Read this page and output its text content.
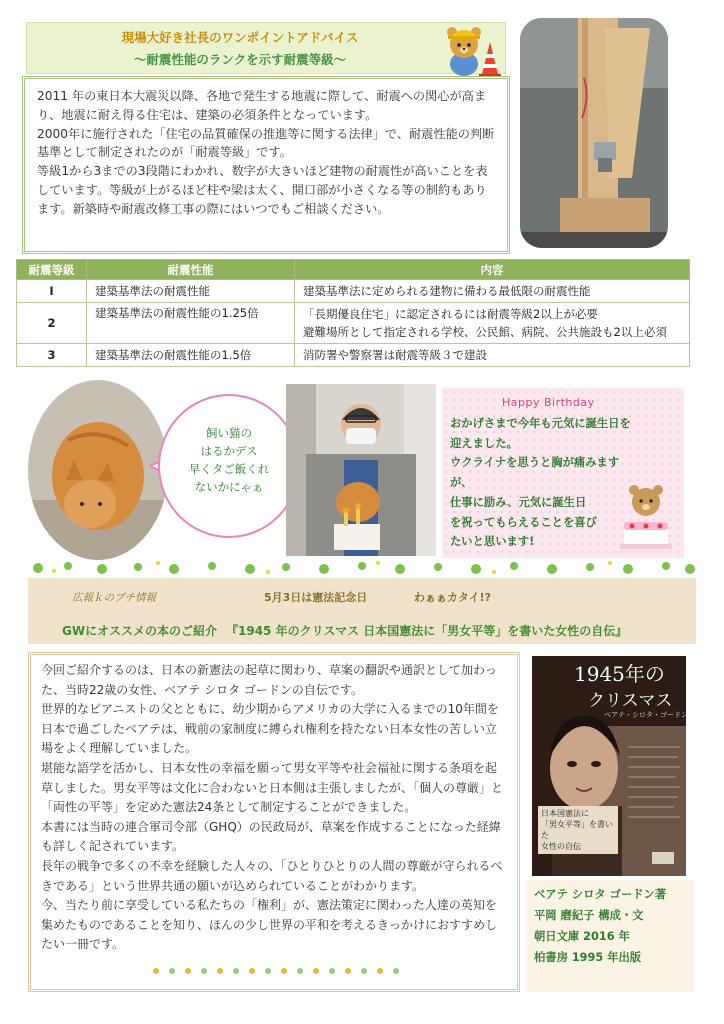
現場大好き社長のワンポイントアドバイス
〜耐震性能のランクを示す耐震等級〜

2011 年の東日本大震災以降、各地で発生する地震に際して、耐震への関心が高まり、地震に耐え得る住宅は、建築の必須条件となっています。

2000年に施行された「住宅の品質確保の推進等に関する法律」で、耐震性能の判断基準として制定されたのが「耐震等級」です。

等級1から3までの3段階にわかれ、数字が大きいほど建物の耐震性が高いことを表しています。等級が上がるほど柱や梁は太く、開口部が小さくなる等の制約もあります。新築時や耐震改修工事の際にはいつでもご相談ください。

耐震等級	耐震性能	内容
Ⅰ	建築基準法の耐震性能	建築基準法に定められる建物に備わる最低限の耐震性能

2	建築基準法の耐震性能の1.25倍	「長期優良住宅」に認定されるには耐震等級2以上が必要
避難場所として指定される学校、公民館、病院、公共施設も2以上必須

3	建築基準法の耐震性能の1.5倍	消防署や警察署は耐震等級３で建設
飼い猫の
はるかデス
早くタご飯くれ
ないかにゃぁ
Happy Birthday
おかげさまで今年も元気に誕生日を
迎えました。
ウクライナを思うと胸が痛みますが、
仕事に励み、元気に誕生日
を祝ってもらえることを喜び
たいと思います!
広報ｋのプチ情報	5月3日は憲法記念日	わぁぁカタイ!?
GWにオススメの本のご紹介 『1945 年のクリスマス 日本国憲法に「男女平等」を書いた女性の自伝』

今回ご紹介するのは、日本の新憲法の起草に関わり、草案の翻訳や通訳として加わった、当時22歳の女性、ベアテ シロタ ゴードンの自伝です。

世界的なピアニストの父とともに、幼少期からアメリカの大学に入るまでの10年間を日本で過ごしたベアテは、戦前の家制度に縛られ権利を持たない日本女性の苦しい立場をよく理解していました。

堪能な語学を活かし、日本女性の幸福を願って男女平等や社会福祉に関する条項を起草しました。男女平等は文化に合わないと日本側は主張しましたが、「個人の尊厳」と「両性の平等」を定めた憲法24条として制定することができました。

本書には当時の連合軍司令部（GHQ）の民政局が、草案を作成することになった経緯も詳しく記されています。

長年の戦争で多くの不幸を経験した人々の、「ひとりひとりの人間の尊厳が守られるべきである」という世界共通の願いが込められていることがわかります。

今、当たり前に享受している私たちの「権利」が、憲法策定に関わった人達の英知を集めたものであることを知り、ほんの少し世界の平和を考えるきっかけにおすすめしたい一冊です。

1945年の
クリスマス
ベアテ・シロタ・ゴードン
日本国憲法に
「男女平等」を書いた
女性の自伝
ベアテ シロタ ゴードン著
平岡 磨紀子 構成・文
朝日文庫 2016 年
柏書房 1995 年出版
